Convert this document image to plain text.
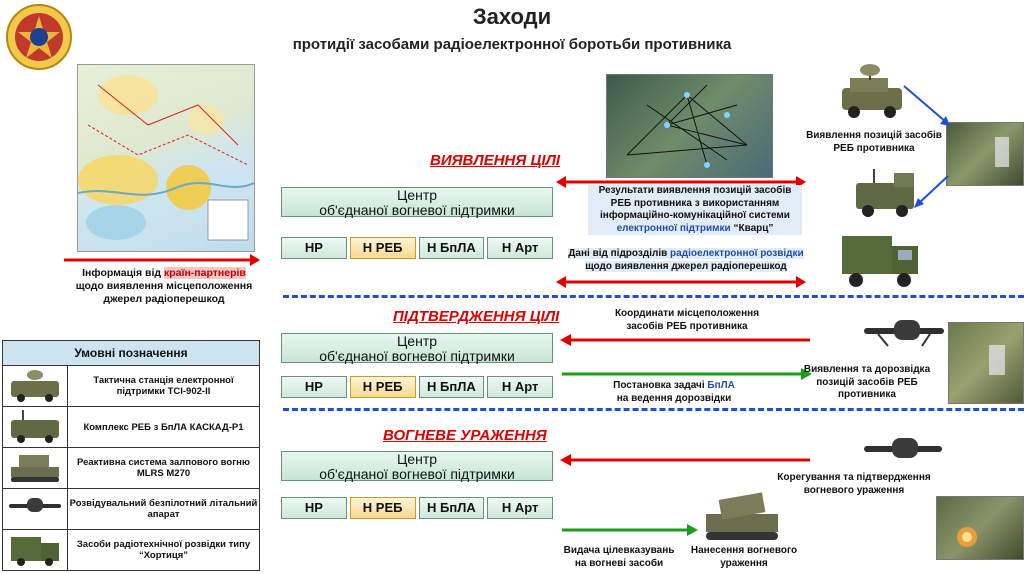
Заходи
протидії засобами радіоелектронної боротьби противника
Інформація від країн-партнерів
щодо виявлення місцеположення джерел радіоперешкод
ВИЯВЛЕННЯ ЦІЛІ
Центр
об'єднаної вогневої підтримки
НР	Н РЕБ	Н БпЛА	Н Арт
Результати виявлення позицій засобів РЕБ противника з використанням інформаційно-комунікаційної системи електронної підтримки “Кварц”
Дані від підрозділів радіоелектронної розвідки
щодо виявлення джерел радіоперешкод
ПІДТВЕРДЖЕННЯ ЦІЛІ
Центр
об'єднаної вогневої підтримки
НР	Н РЕБ	Н БпЛА	Н Арт
Координати місцеположення засобів РЕБ противника
Постановка задачі БпЛА
на ведення дорозвідки
ВОГНЕВЕ УРАЖЕННЯ
Центр
об'єднаної вогневої підтримки
НР	Н РЕБ	Н БпЛА	Н Арт
Видача цілевказувань на вогневі засоби
Нанесення вогневого ураження
Виявлення позицій засобів РЕБ противника
Виявлення та дорозвідка позицій засобів РЕБ противника
Корегування та підтвердження вогневого ураження
Умовні позначення	
	Тактична станція електронної підтримки ТСІ-902-ІІ
	Комплекс РЕБ з БпЛА КАСКАД-Р1
	Реактивна система залпового вогню MLRS M270
	Розвідувальний безпілотний літальний апарат
	Засоби радіотехнічної розвідки типу “Хортиця”
